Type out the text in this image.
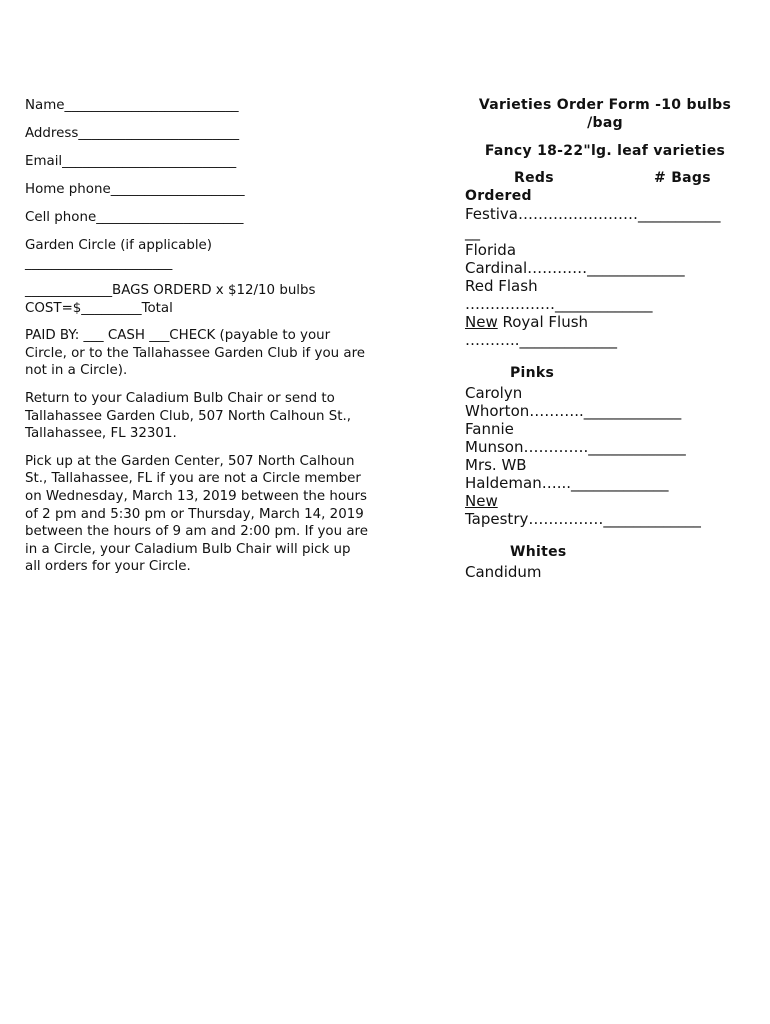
Name__________________________
Address________________________
Email__________________________
Home phone____________________
Cell phone______________________
Garden Circle (if applicable)
______________________
_____________BAGS ORDERD x $12/10 bulbs
COST=$_________Total
PAID BY: ___ CASH ___CHECK (payable to your Circle, or to the Tallahassee Garden Club if you are not in a Circle).
Return to your Caladium Bulb Chair or send to Tallahassee Garden Club, 507 North Calhoun St., Tallahassee, FL 32301.
Pick up at the Garden Center, 507 North Calhoun St., Tallahassee, FL if you are not a Circle member on Wednesday, March 13, 2019 between the hours of 2 pm and 5:30 pm or Thursday, March 14, 2019 between the hours of 9 am and 2:00 pm. If you are in a Circle, your Caladium Bulb Chair will pick up all orders for your Circle.
Varieties Order Form -10 bulbs /bag
Fancy 18-22"lg. leaf varieties
Reds	# Bags
Ordered
Festiva……………………___________
__
Florida
Cardinal…………_____________
Red Flash
………………_____________
New Royal Flush
……….._____________
Pinks
Carolyn
Whorton……….._____________
Fannie
Munson…………._____________
Mrs. WB
Haldeman…..._____________
New
Tapestry……………_____________
Whites
Candidum
